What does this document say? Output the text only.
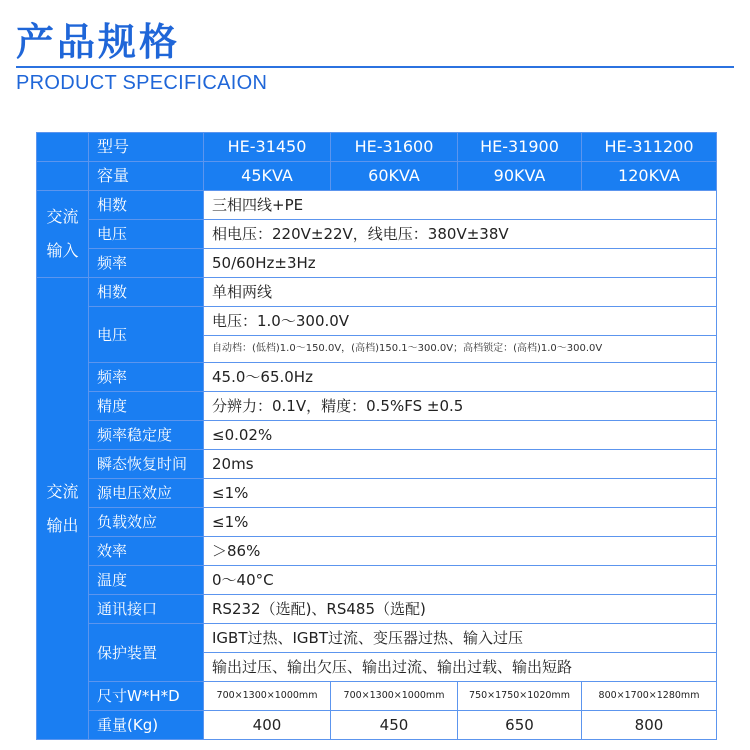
产品规格
PRODUCT SPECIFICAION
	型号	HE-31450	HE-31600	HE-31900	HE-311200
	容量	45KVA	60KVA	90KVA	120KVA
交流
输入	相数	三相四线+PE			
	电压	相电压：220V±22V，线电压：380V±38V			
	频率	50/60Hz±3Hz			
交流
输出	相数	单相两线			
	电压	电压：1.0～300.0V			
		自动档：(低档)1.0～150.0V，(高档)150.1～300.0V；高档锁定：(高档)1.0～300.0V			
	频率	45.0～65.0Hz			
	精度	分辨力：0.1V，精度：0.5%FS ±0.5			
	频率稳定度	≤0.02%			
	瞬态恢复时间	20ms			
	源电压效应	≤1%			
	负载效应	≤1%			
	效率	＞86%			
	温度	0～40°C			
	通讯接口	RS232（选配)、RS485（选配)			
	保护装置	IGBT过热、IGBT过流、变压器过热、输入过压			
		输出过压、输出欠压、输出过流、输出过载、输出短路			
	尺寸W*H*D	700×1300×1000mm	700×1300×1000mm	750×1750×1020mm	800×1700×1280mm
	重量(Kg)	400	450	650	800
